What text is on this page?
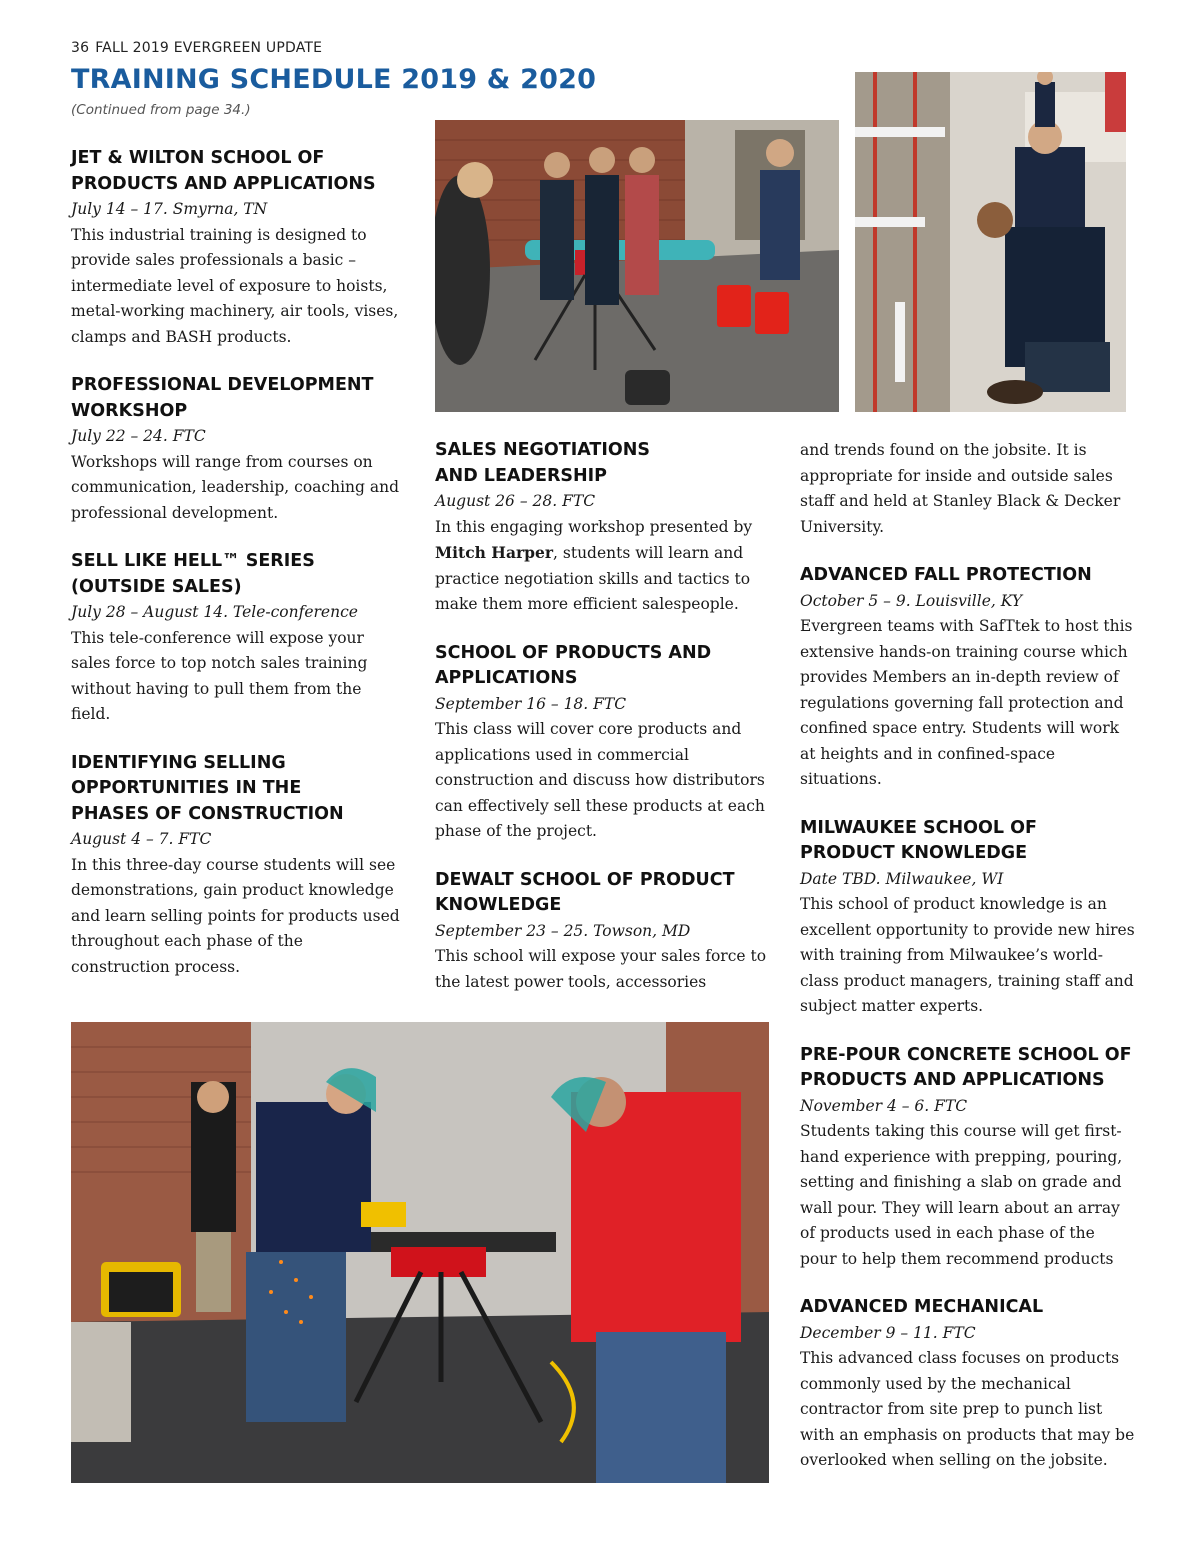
36 FALL 2019 EVERGREEN UPDATE
TRAINING SCHEDULE 2019 & 2020
(Continued from page 34.)
JET & WILTON SCHOOL OF
PRODUCTS AND APPLICATIONS
July 14 – 17. Smyrna, TN

This industrial training is designed to provide sales professionals a basic – intermediate level of exposure to hoists, metal-working machinery, air tools, vises, clamps and BASH products.

PROFESSIONAL DEVELOPMENT
WORKSHOP
July 22 – 24. FTC

Workshops will range from courses on communication, leadership, coaching and professional development.

SELL LIKE HELL™ SERIES
(OUTSIDE SALES)
July 28 – August 14. Tele-conference

This tele-conference will expose your sales force to top notch sales training without having to pull them from the field.

IDENTIFYING SELLING
OPPORTUNITIES IN THE
PHASES OF CONSTRUCTION
August 4 – 7. FTC

In this three-day course students will see demonstrations, gain product knowledge and learn selling points for products used throughout each phase of the construction process.

SALES NEGOTIATIONS
AND LEADERSHIP
August 26 – 28. FTC

In this engaging workshop presented by Mitch Harper, students will learn and practice negotiation skills and tactics to make them more efficient salespeople.

SCHOOL OF PRODUCTS AND
APPLICATIONS
September 16 – 18. FTC

This class will cover core products and applications used in commercial construction and discuss how distributors can effectively sell these products at each phase of the project.

DEWALT SCHOOL OF PRODUCT
KNOWLEDGE
September 23 – 25. Towson, MD

This school will expose your sales force to the latest power tools, accessories

and trends found on the jobsite. It is appropriate for inside and outside sales staff and held at Stanley Black & Decker University.

ADVANCED FALL PROTECTION
October 5 – 9. Louisville, KY

Evergreen teams with SafTtek to host this extensive hands-on training course which provides Members an in-depth review of regulations governing fall protection and confined space entry. Students will work at heights and in confined-space situations.

MILWAUKEE SCHOOL OF
PRODUCT KNOWLEDGE
Date TBD. Milwaukee, WI

This school of product knowledge is an excellent opportunity to provide new hires with training from Milwaukee’s world-class product managers, training staff and subject matter experts.

PRE-POUR CONCRETE SCHOOL OF
PRODUCTS AND APPLICATIONS
November 4 – 6. FTC

Students taking this course will get first-hand experience with prepping, pouring, setting and finishing a slab on grade and wall pour. They will learn about an array of products used in each phase of the pour to help them recommend products

ADVANCED MECHANICAL
December 9 – 11. FTC

This advanced class focuses on products commonly used by the mechanical contractor from site prep to punch list with an emphasis on products that may be overlooked when selling on the jobsite.
